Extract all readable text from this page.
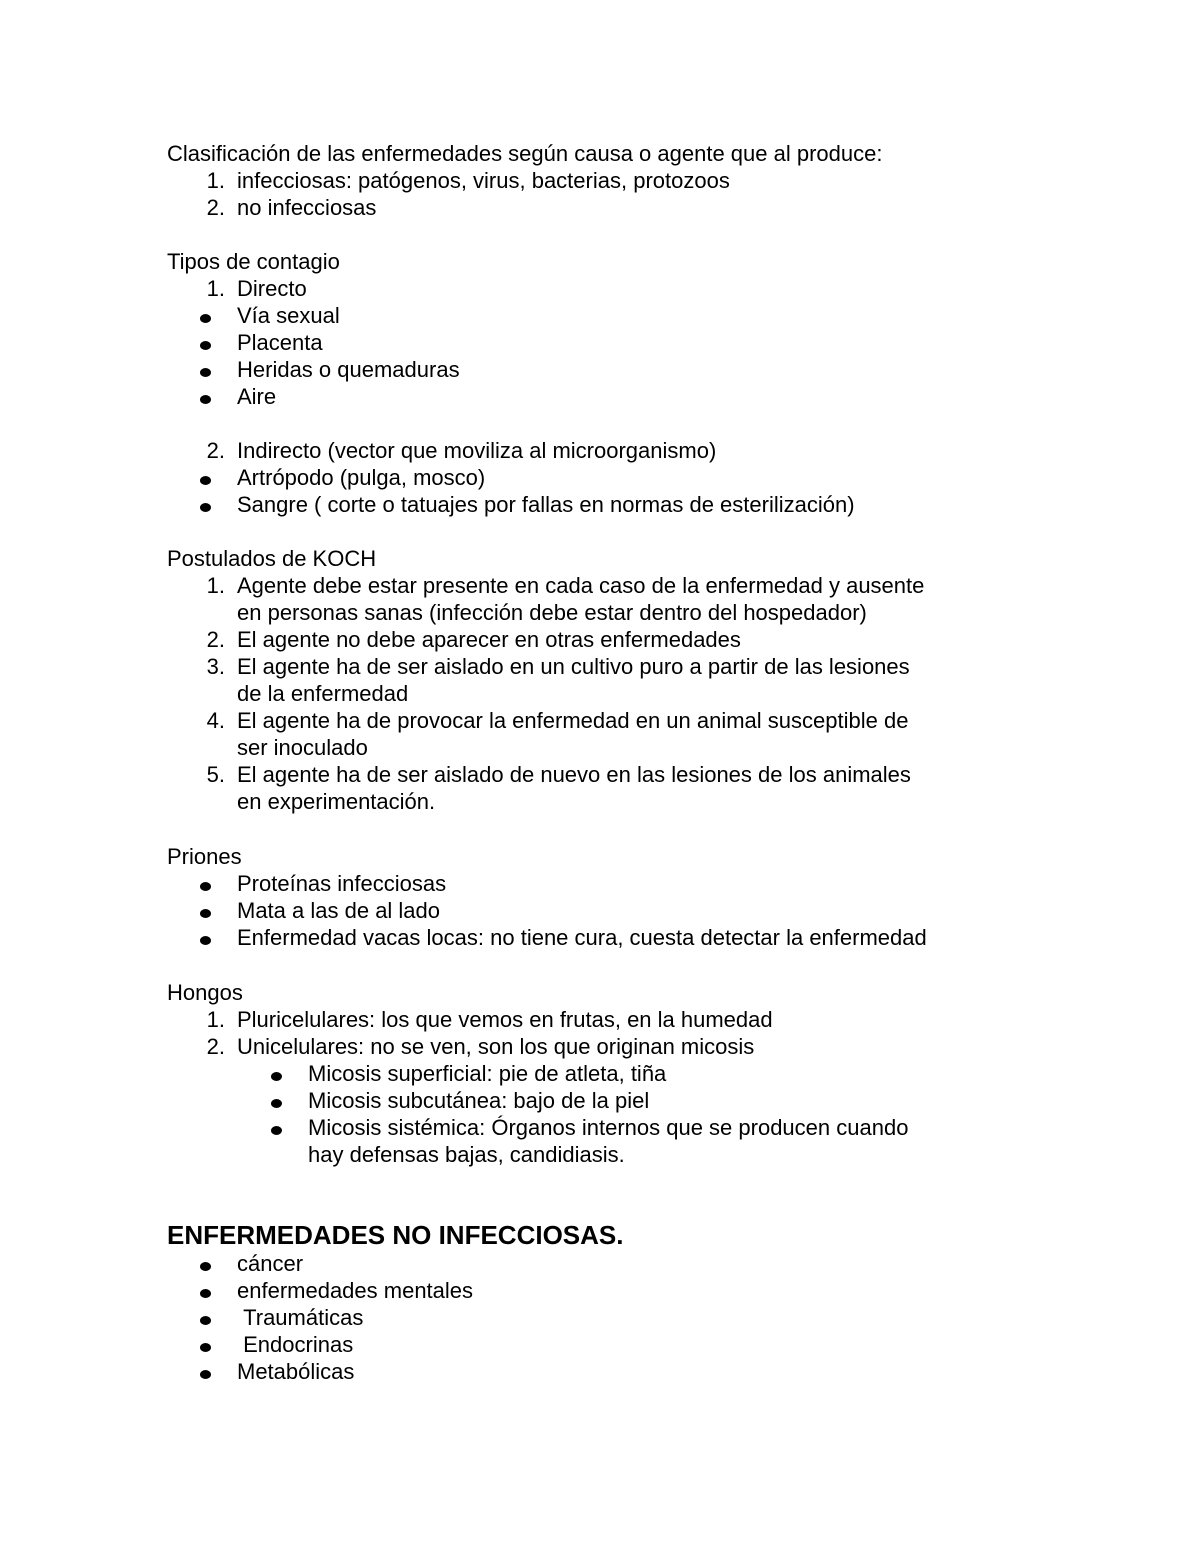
Clasificación de las enfermedades según causa o agente que al produce:
1. infecciosas: patógenos, virus, bacterias, protozoos
2. no infecciosas
Tipos de contagio
1. Directo
Vía sexual
Placenta
Heridas o quemaduras
Aire
2. Indirecto (vector que moviliza al microorganismo)
Artrópodo (pulga, mosco)
Sangre ( corte o tatuajes por fallas en normas de esterilización)
Postulados de KOCH
1. Agente debe estar presente en cada caso de la enfermedad y ausente
en personas sanas (infección debe estar dentro del hospedador)
2. El agente no debe aparecer en otras enfermedades
3. El agente ha de ser aislado en un cultivo puro a partir de las lesiones
de la enfermedad
4. El agente ha de provocar la enfermedad en un animal susceptible de
ser inoculado
5. El agente ha de ser aislado de nuevo en las lesiones de los animales
en experimentación.
Priones
Proteínas infecciosas
Mata a las de al lado
Enfermedad vacas locas: no tiene cura, cuesta detectar la enfermedad
Hongos
1. Pluricelulares: los que vemos en frutas, en la humedad
2. Unicelulares: no se ven, son los que originan micosis
Micosis superficial: pie de atleta, tiña
Micosis subcutánea: bajo de la piel
Micosis sistémica: Órganos internos que se producen cuando
hay defensas bajas, candidiasis.
ENFERMEDADES NO INFECCIOSAS.
cáncer
enfermedades mentales
Traumáticas
Endocrinas
Metabólicas
